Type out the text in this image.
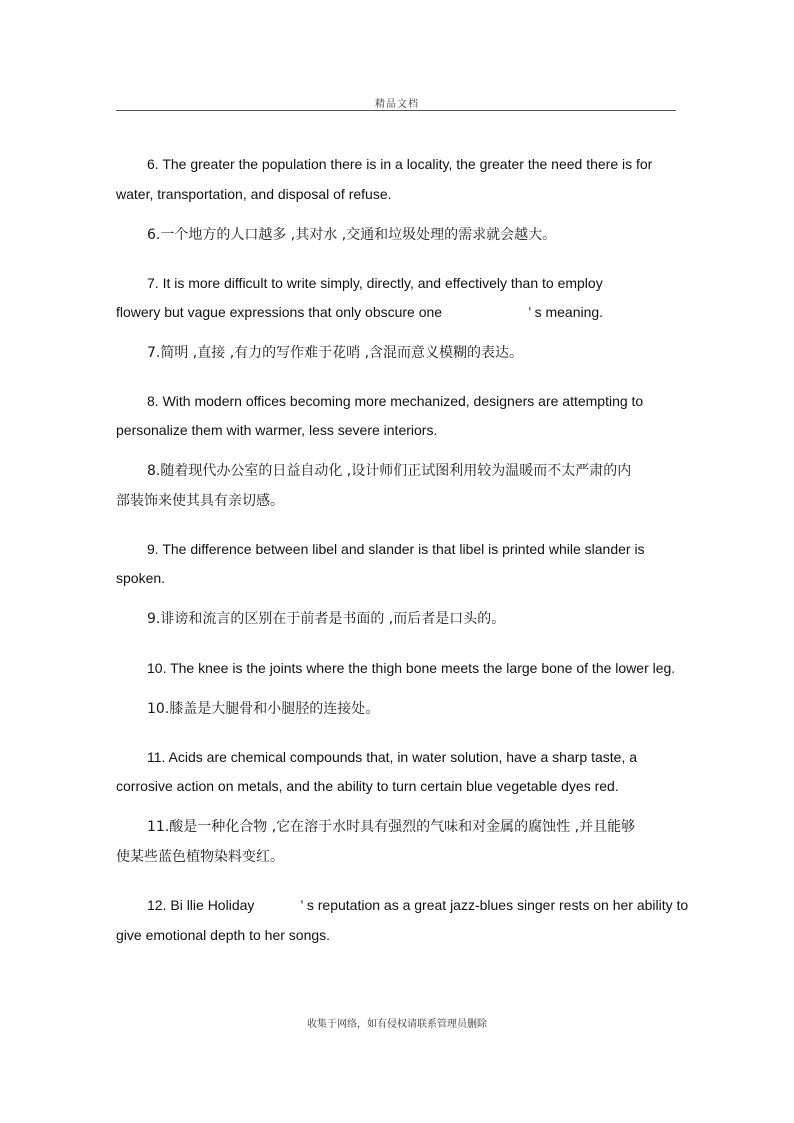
精品文档
6. The greater the population there is in a locality, the greater the need there is for
water, transportation, and disposal of refuse.
6.一个地方的人口越多 ,其对水 ,交通和垃圾处理的需求就会越大。
7. It is more difficult to write simply, directly, and effectively than to employ
flowery but vague expressions that only obscure one	’ s meaning.
7.简明 ,直接 ,有力的写作难于花哨 ,含混而意义模糊的表达。
8. With modern offices becoming more mechanized, designers are attempting to
personalize them with warmer, less severe interiors.
8.随着现代办公室的日益自动化 ,设计师们正试图利用较为温暖而不太严肃的内
部装饰来使其具有亲切感。
9. The difference between libel and slander is that libel is printed while slander is
spoken.
9.诽谤和流言的区别在于前者是书面的 ,而后者是口头的。
10. The knee is the joints where the thigh bone meets the large bone of the lower leg.
10.膝盖是大腿骨和小腿胫的连接处。
11. Acids are chemical compounds that, in water solution, have a sharp taste, a
corrosive action on metals, and the ability to turn certain blue vegetable dyes red.
11.酸是一种化合物 ,它在溶于水时具有强烈的气味和对金属的腐蚀性 ,并且能够
使某些蓝色植物染料变红。
12. Bi llie Holiday	’ s reputation as a great jazz-blues singer rests on her ability to
give emotional depth to her songs.
收集于网络，如有侵权请联系管理员删除
